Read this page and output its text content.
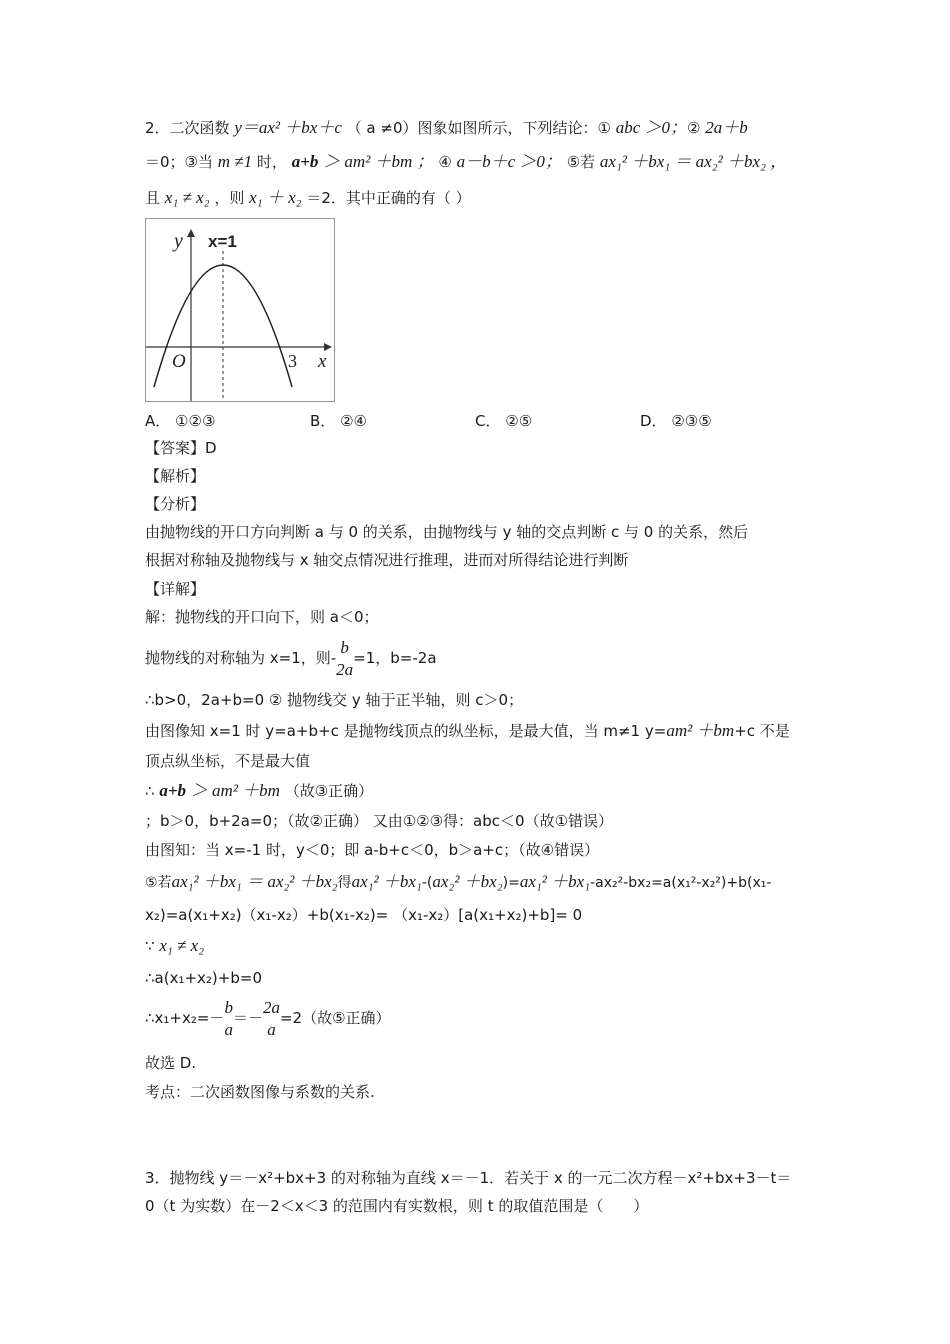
2．二次函数 y＝ax² ＋bx＋c （ a ≠0）图象如图所示，下列结论：① abc ＞0；② 2a＋b
＝0；③当 m ≠1 时， a+b ＞ am² ＋bm ； ④ a－b＋c ＞0； ⑤若 ax₁² ＋bx₁ ＝ ax₂² ＋bx₂ ，
且 x₁ ≠ x₂ ，则 x₁ ＋ x₂ ＝2．其中正确的有（ ）
y x=1
O	3 x
A． ①②③	B． ②④	C． ②⑤	D． ②③⑤
【答案】D
【解析】
【分析】
由抛物线的开口方向判断 a 与 0 的关系，由抛物线与 y 轴的交点判断 c 与 0 的关系，然后
根据对称轴及抛物线与 x 轴交点情况进行推理，进而对所得结论进行判断
【详解】
解：抛物线的开口向下，则 a＜0；
抛物线的对称轴为 x=1，则-
b
2a
=1，b=-2a
∴b>0，2a+b=0 ② 抛物线交 y 轴于正半轴，则 c＞0；
由图像知 x=1 时 y=a+b+c 是抛物线顶点的纵坐标，是最大值，当 m≠1 y=am² ＋bm+c 不是
顶点纵坐标，不是最大值
∴ a+b ＞ am² ＋bm （故③正确）
；b＞0，b+2a=0；（故②正确） 又由①②③得：abc＜0（故①错误）
由图知：当 x=-1 时，y＜0；即 a-b+c＜0，b＞a+c；（故④错误）
⑤若ax₁² ＋bx₁ ＝ ax₂² ＋bx₂得ax₁² ＋bx₁-(ax₂² ＋bx₂)=ax₁² ＋bx₁-ax₂²-bx₂=a(x₁²-x₂²)+b(x₁-
x₂)=a(x₁+x₂)（x₁-x₂）+b(x₁-x₂)= （x₁-x₂）[a(x₁+x₂)+b]= 0
∵ x₁ ≠ x₂
∴a(x₁+x₂)+b=0
∴x₁+x₂=－
b
a
＝－
2a
a
=2（故⑤正确）
故选 D.
考点：二次函数图像与系数的关系.
3．抛物线 y＝－x²+bx+3 的对称轴为直线 x＝－1．若关于 x 的一元二次方程－x²+bx+3－t＝
0（t 为实数）在－2＜x＜3 的范围内有实数根，则 t 的取值范围是（　　）
